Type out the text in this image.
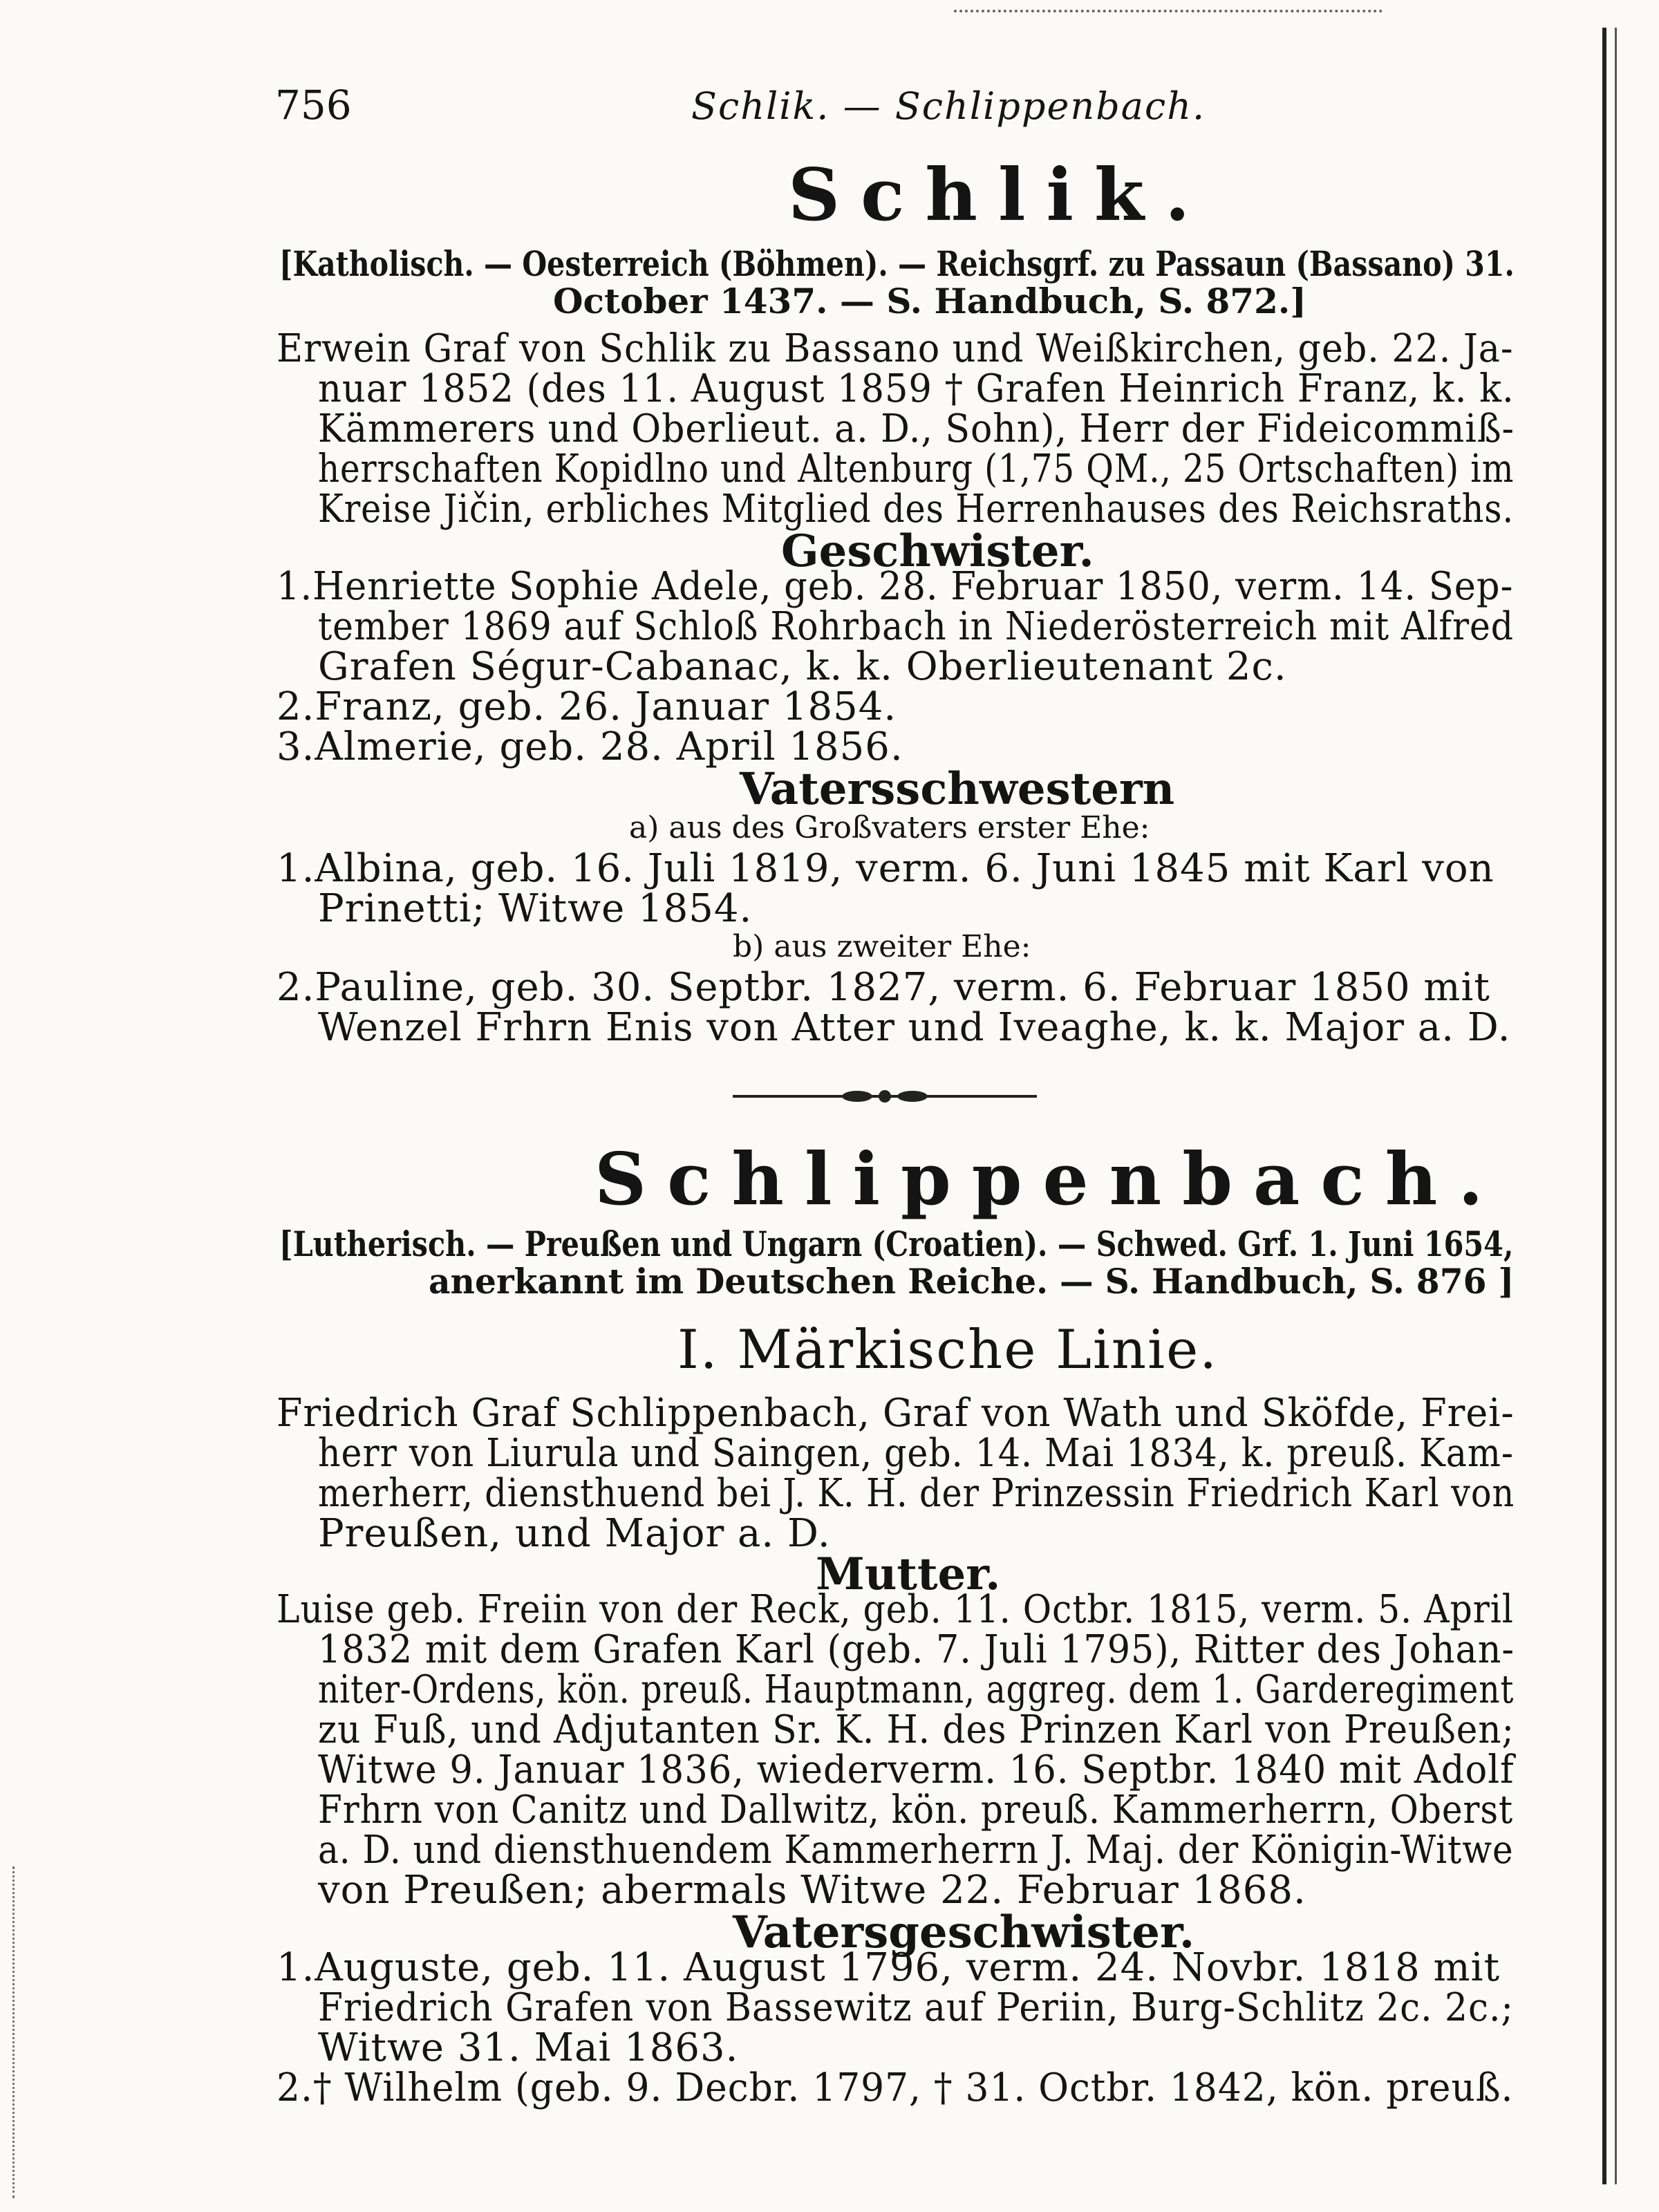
756	Schlik. — Schlippenbach.
Schlik.
[Katholisch. — Oesterreich (Böhmen). — Reichsgrf. zu Passaun (Bassano) 31.
October 1437. — S. Handbuch, S. 872.]
Erwein Graf von Schlik zu Bassano und Weißkirchen, geb. 22. Ja-
nuar 1852 (des 11. August 1859 † Grafen Heinrich Franz, k. k.
Kämmerers und Oberlieut. a. D., Sohn), Herr der Fideicommiß-
herrschaften Kopidlno und Altenburg (1,75 QM., 25 Ortschaften) im
Kreise Jičin, erbliches Mitglied des Herrenhauses des Reichsraths.
Geschwister.
1.Henriette Sophie Adele, geb. 28. Februar 1850, verm. 14. Sep-
tember 1869 auf Schloß Rohrbach in Niederösterreich mit Alfred
Grafen Ségur-Cabanac, k. k. Oberlieutenant 2c.
2.Franz, geb. 26. Januar 1854.
3.Almerie, geb. 28. April 1856.
Vatersschwestern
a) aus des Großvaters erster Ehe:
1.Albina, geb. 16. Juli 1819, verm. 6. Juni 1845 mit Karl von
Prinetti; Witwe 1854.
b) aus zweiter Ehe:
2.Pauline, geb. 30. Septbr. 1827, verm. 6. Februar 1850 mit
Wenzel Frhrn Enis von Atter und Iveaghe, k. k. Major a. D.
Schlippenbach.
[Lutherisch. — Preußen und Ungarn (Croatien). — Schwed. Grf. 1. Juni 1654,
anerkannt im Deutschen Reiche. — S. Handbuch, S. 876 ]
I. Märkische Linie.
Friedrich Graf Schlippenbach, Graf von Wath und Sköfde, Frei-
herr von Liurula und Saingen, geb. 14. Mai 1834, k. preuß. Kam-
merherr, diensthuend bei J. K. H. der Prinzessin Friedrich Karl von
Preußen, und Major a. D.
Mutter.
Luise geb. Freiin von der Reck, geb. 11. Octbr. 1815, verm. 5. April
1832 mit dem Grafen Karl (geb. 7. Juli 1795), Ritter des Johan-
niter-Ordens, kön. preuß. Hauptmann, aggreg. dem 1. Garderegiment
zu Fuß, und Adjutanten Sr. K. H. des Prinzen Karl von Preußen;
Witwe 9. Januar 1836, wiederverm. 16. Septbr. 1840 mit Adolf
Frhrn von Canitz und Dallwitz, kön. preuß. Kammerherrn, Oberst
a. D. und diensthuendem Kammerherrn J. Maj. der Königin-Witwe
von Preußen; abermals Witwe 22. Februar 1868.
Vatersgeschwister.
1.Auguste, geb. 11. August 1796, verm. 24. Novbr. 1818 mit
Friedrich Grafen von Bassewitz auf Periin, Burg-Schlitz 2c. 2c.;
Witwe 31. Mai 1863.
2.† Wilhelm (geb. 9. Decbr. 1797, † 31. Octbr. 1842, kön. preuß.
